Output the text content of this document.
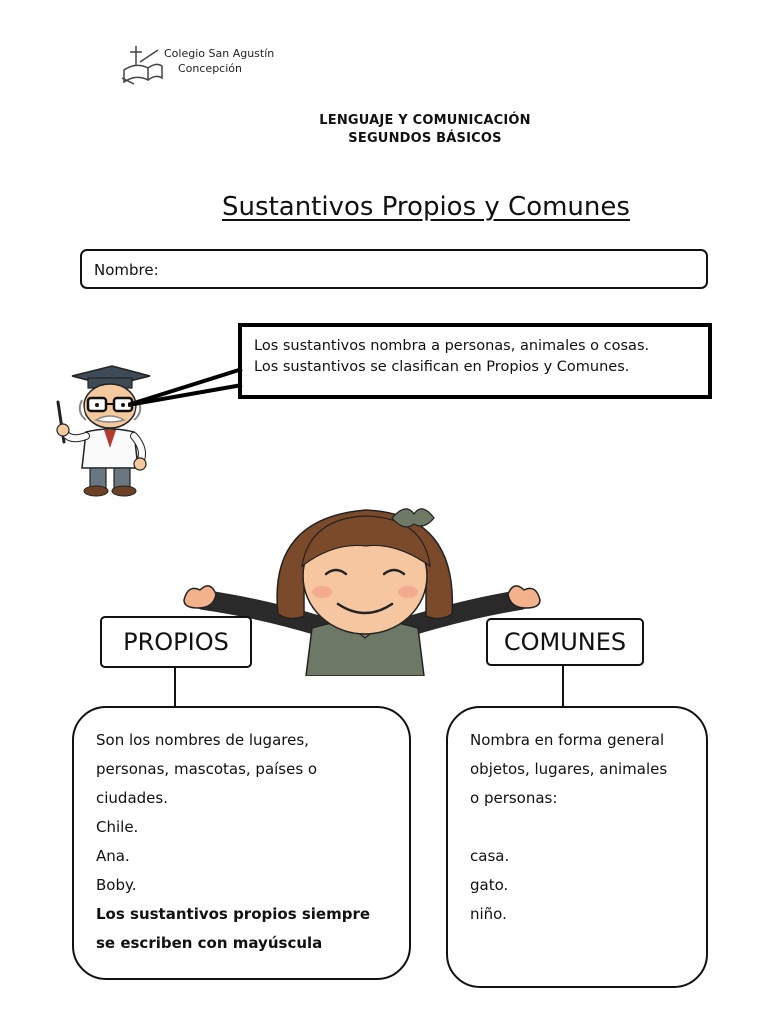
Colegio San Agustín
Concepción
LENGUAJE Y COMUNICACIÓN
SEGUNDOS BÁSICOS
Sustantivos Propios y Comunes
Nombre:
Los sustantivos nombra a personas, animales o cosas.
Los sustantivos se clasifican en Propios y Comunes.
PROPIOS	COMUNES
Son los nombres de lugares,
personas, mascotas, países o
ciudades.
Chile.
Ana.
Boby.
Los sustantivos propios siempre
se escriben con mayúscula
Nombra en forma general
objetos, lugares, animales
o personas:

casa.
gato.
niño.
